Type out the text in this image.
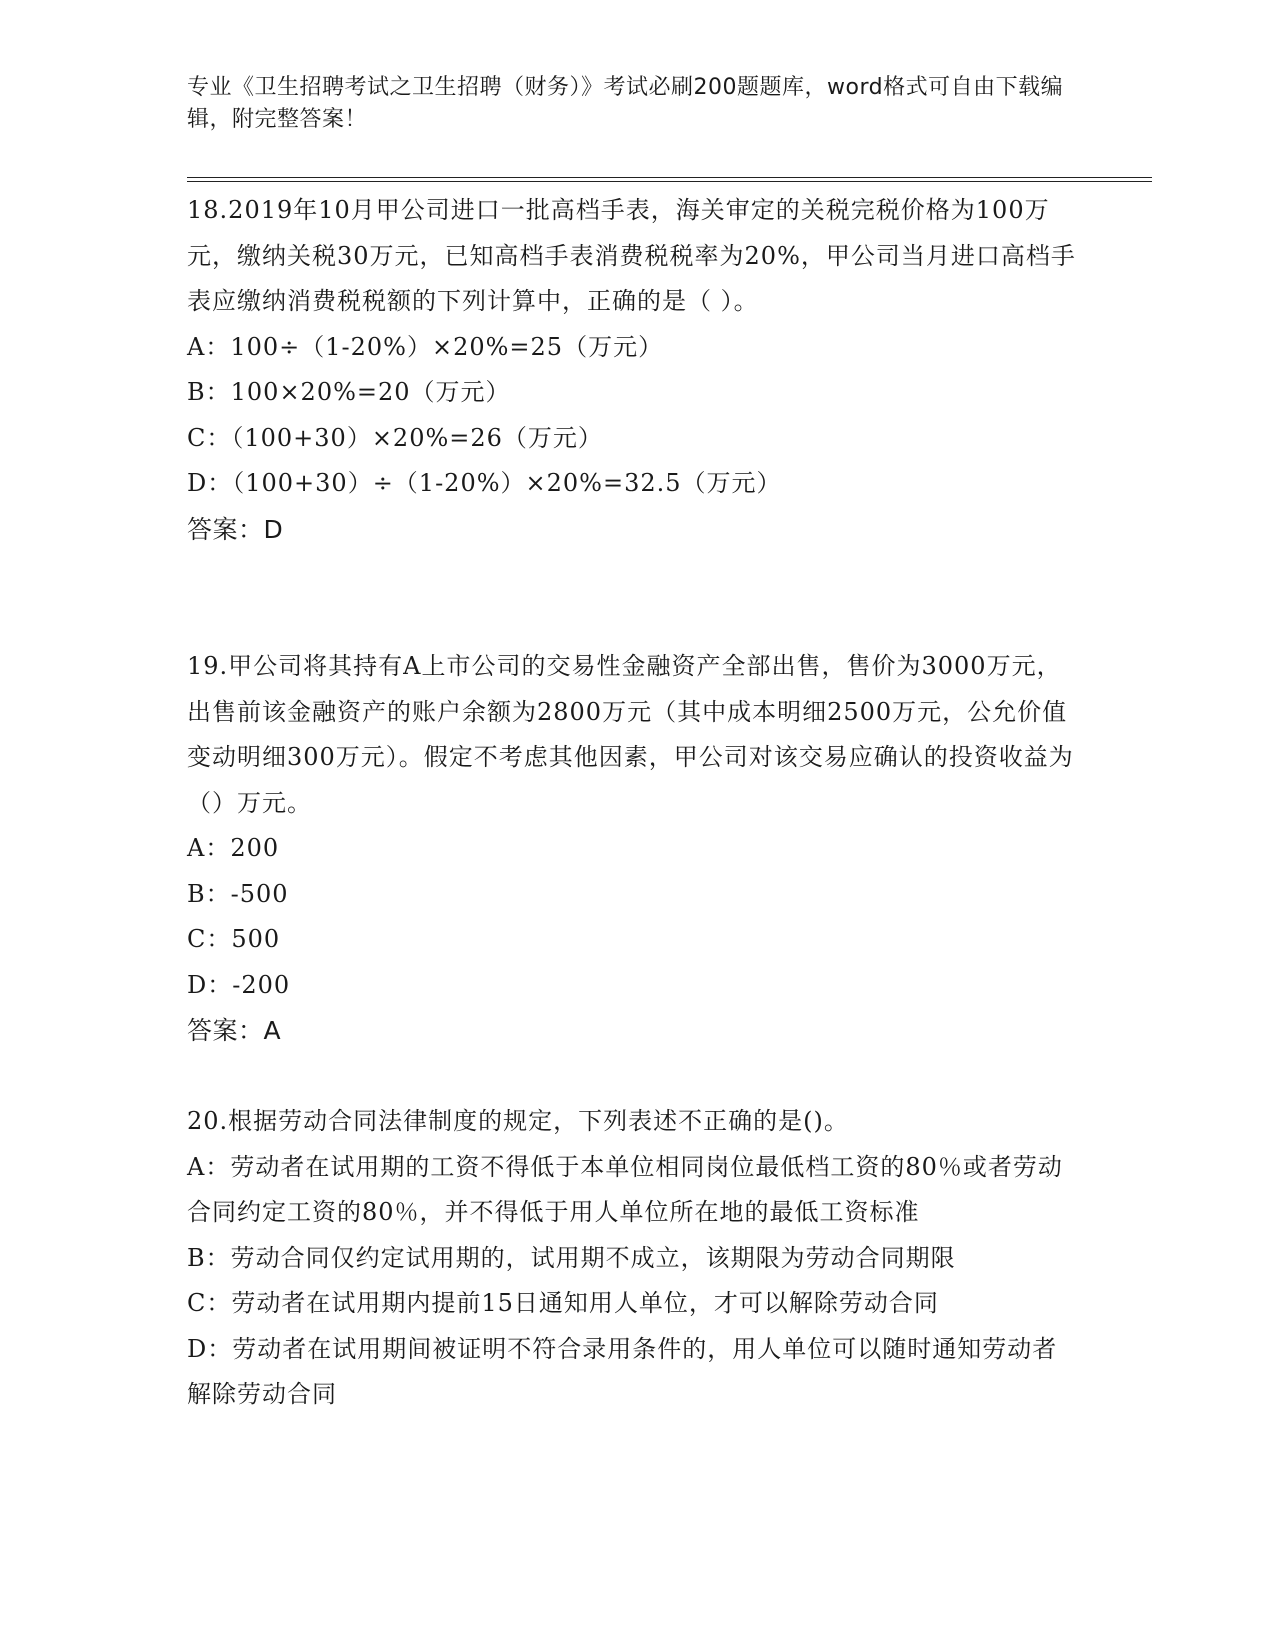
专业《卫生招聘考试之卫生招聘（财务）》考试必刷200题题库，word格式可自由下载编辑，附完整答案！

18.2019年10月甲公司进口一批高档手表，海关审定的关税完税价格为100万元，缴纳关税30万元，已知高档手表消费税税率为20%，甲公司当月进口高档手表应缴纳消费税税额的下列计算中，正确的是（ ）。

A：100÷（1-20%）×20%=25（万元）

B：100×20%=20（万元）

C：（100+30）×20%=26（万元）

D：（100+30）÷（1-20%）×20%=32.5（万元）

答案：D

19.甲公司将其持有A上市公司的交易性金融资产全部出售，售价为3000万元，出售前该金融资产的账户余额为2800万元（其中成本明细2500万元，公允价值变动明细300万元）。假定不考虑其他因素，甲公司对该交易应确认的投资收益为（）万元。

A：200

B：-500

C：500

D：-200

答案：A

20.根据劳动合同法律制度的规定，下列表述不正确的是()。

A：劳动者在试用期的工资不得低于本单位相同岗位最低档工资的80％或者劳动合同约定工资的80％，并不得低于用人单位所在地的最低工资标准

B：劳动合同仅约定试用期的，试用期不成立，该期限为劳动合同期限

C：劳动者在试用期内提前15日通知用人单位，才可以解除劳动合同

D：劳动者在试用期间被证明不符合录用条件的，用人单位可以随时通知劳动者解除劳动合同
